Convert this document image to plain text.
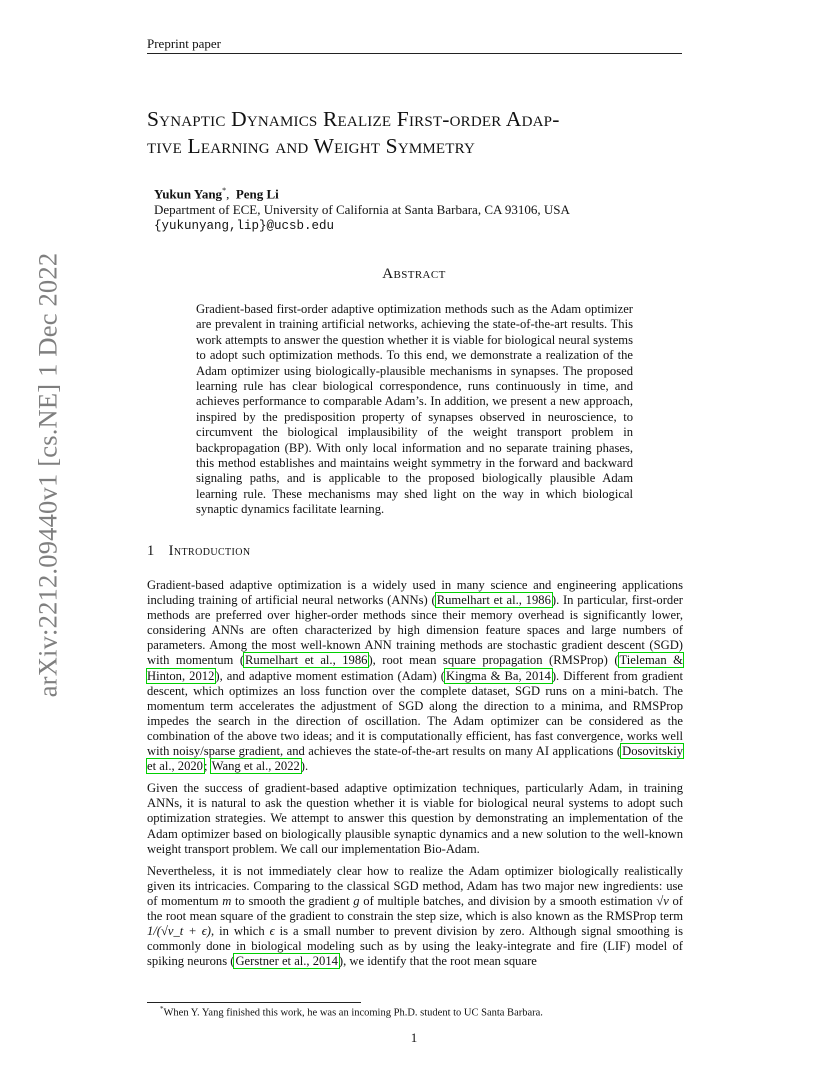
Preprint paper
arXiv:2212.09440v1 [cs.NE] 1 Dec 2022
Synaptic Dynamics Realize First-order Adap-
tive Learning and Weight Symmetry
Yukun Yang*,  Peng Li
Department of ECE, University of California at Santa Barbara, CA 93106, USA
{yukunyang,lip}@ucsb.edu
Abstract
Gradient-based first-order adaptive optimization methods such as the Adam optimizer are prevalent in training artificial networks, achieving the state-of-the-art results. This work attempts to answer the question whether it is viable for biological neural systems to adopt such optimization methods. To this end, we demonstrate a realization of the Adam optimizer using biologically-plausible mechanisms in synapses. The proposed learning rule has clear biological correspondence, runs continuously in time, and achieves performance to comparable Adam’s. In addition, we present a new approach, inspired by the predisposition property of synapses observed in neuroscience, to circumvent the biological implausibility of the weight transport problem in backpropagation (BP). With only local information and no separate training phases, this method establishes and maintains weight symmetry in the forward and backward signaling paths, and is applicable to the proposed biologically plausible Adam learning rule. These mechanisms may shed light on the way in which biological synaptic dynamics facilitate learning.
1 Introduction

Gradient-based adaptive optimization is a widely used in many science and engineering applications including training of artificial neural networks (ANNs) (Rumelhart et al., 1986). In particular, first-order methods are preferred over higher-order methods since their memory overhead is significantly lower, considering ANNs are often characterized by high dimension feature spaces and large numbers of parameters. Among the most well-known ANN training methods are stochastic gradient descent (SGD) with momentum (Rumelhart et al., 1986), root mean square propagation (RMSProp) (Tieleman & Hinton, 2012), and adaptive moment estimation (Adam) (Kingma & Ba, 2014). Different from gradient descent, which optimizes an loss function over the complete dataset, SGD runs on a mini-batch. The momentum term accelerates the adjustment of SGD along the direction to a minima, and RMSProp impedes the search in the direction of oscillation. The Adam optimizer can be considered as the combination of the above two ideas; and it is computationally efficient, has fast convergence, works well with noisy/sparse gradient, and achieves the state-of-the-art results on many AI applications (Dosovitskiy et al., 2020; Wang et al., 2022).

Given the success of gradient-based adaptive optimization techniques, particularly Adam, in training ANNs, it is natural to ask the question whether it is viable for biological neural systems to adopt such optimization strategies. We attempt to answer this question by demonstrating an implementation of the Adam optimizer based on biologically plausible synaptic dynamics and a new solution to the well-known weight transport problem. We call our implementation Bio-Adam.

Nevertheless, it is not immediately clear how to realize the Adam optimizer biologically realistically given its intricacies. Comparing to the classical SGD method, Adam has two major new ingredients: use of momentum m to smooth the gradient g of multiple batches, and division by a smooth estimation √v of the root mean square of the gradient to constrain the step size, which is also known as the RMSProp term 1/(√v_t + ϵ), in which ϵ is a small number to prevent division by zero. Although signal smoothing is commonly done in biological modeling such as by using the leaky-integrate and fire (LIF) model of spiking neurons (Gerstner et al., 2014), we identify that the root mean square

*When Y. Yang finished this work, he was an incoming Ph.D. student to UC Santa Barbara.
1
